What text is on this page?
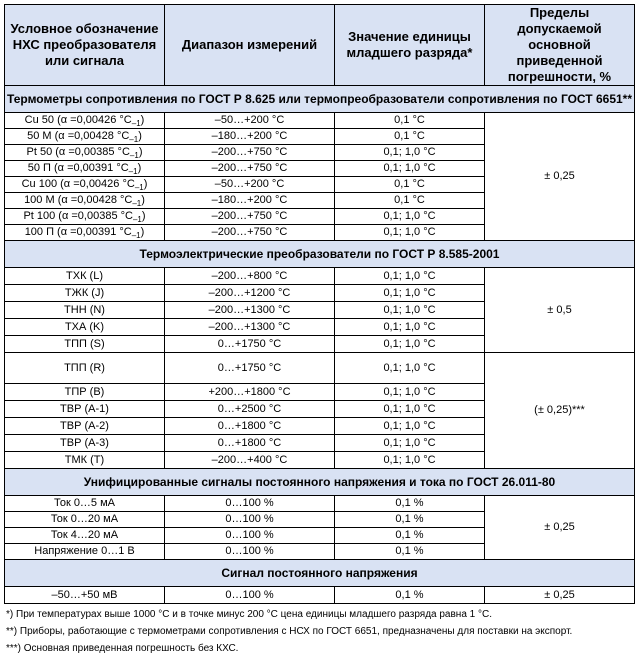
Условное обозначение НХС преобразователя или сигнала	Диапазон измерений	Значение единицы младшего разряда*	Пределы допускаемой основной приведенной погрешности, %
Термометры сопротивления по ГОСТ Р 8.625 или термопреобразователи сопротивления по ГОСТ 6651**			
Cu 50 (α =0,00426 $^\circ C_{-1}$)	–50…+200 °C	0,1 °C	± 0,25
50 М (α =0,00428 $^\circ C_{-1}$)	–180…+200 °C	0,1 °C	
Pt 50 (α =0,00385 $^\circ C_{-1}$)	–200…+750 °C	0,1; 1,0 °C	
50 П (α =0,00391 $^\circ C_{-1}$)	–200…+750 °C	0,1; 1,0 °C	
Cu 100 (α =0,00426 $^\circ C_{-1}$)	–50…+200 °C	0,1 °C	
100 М (α =0,00428 $^\circ C_{-1}$)	–180…+200 °C	0,1 °C	
Pt 100 (α =0,00385 $^\circ C_{-1}$)	–200…+750 °C	0,1; 1,0 °C	
100 П (α =0,00391 $^\circ C_{-1}$)	–200…+750 °C	0,1; 1,0 °C	
Термоэлектрические преобразователи по ГОСТ Р 8.585-2001			
ТХК (L)	–200…+800 °C	0,1; 1,0 °C	± 0,5
ТЖК (J)	–200…+1200 °C	0,1; 1,0 °C	
ТНН (N)	–200…+1300 °C	0,1; 1,0 °C	
ТХА (K)	–200…+1300 °C	0,1; 1,0 °C	
ТПП (S)	0…+1750 °C	0,1; 1,0 °C	
ТПП (R)	0…+1750 °C	0,1; 1,0 °C	(± 0,25)***
ТПР (B)	+200…+1800 °C	0,1; 1,0 °C	
ТВР (А-1)	0…+2500 °C	0,1; 1,0 °C	
ТВР (А-2)	0…+1800 °C	0,1; 1,0 °C	
ТВР (А-3)	0…+1800 °C	0,1; 1,0 °C	
ТМК (Т)	–200…+400 °C	0,1; 1,0 °C	
Унифицированные сигналы постоянного напряжения и тока по ГОСТ 26.011-80			
Ток 0…5 мА	0…100 %	0,1 %	± 0,25
Ток 0…20 мА	0…100 %	0,1 %	
Ток 4…20 мА	0…100 %	0,1 %	
Напряжение 0…1 В	0…100 %	0,1 %	
Сигнал постоянного напряжения			
–50…+50 мВ	0…100 %	0,1 %	± 0,25
*) При температурах выше 1000 °С и в точке минус 200 °С цена единицы младшего разряда равна 1 °С.
**) Приборы, работающие с термометрами сопротивления с НСХ по ГОСТ 6651, предназначены для поставки на экспорт.
***) Основная приведенная погрешность без КХС.
